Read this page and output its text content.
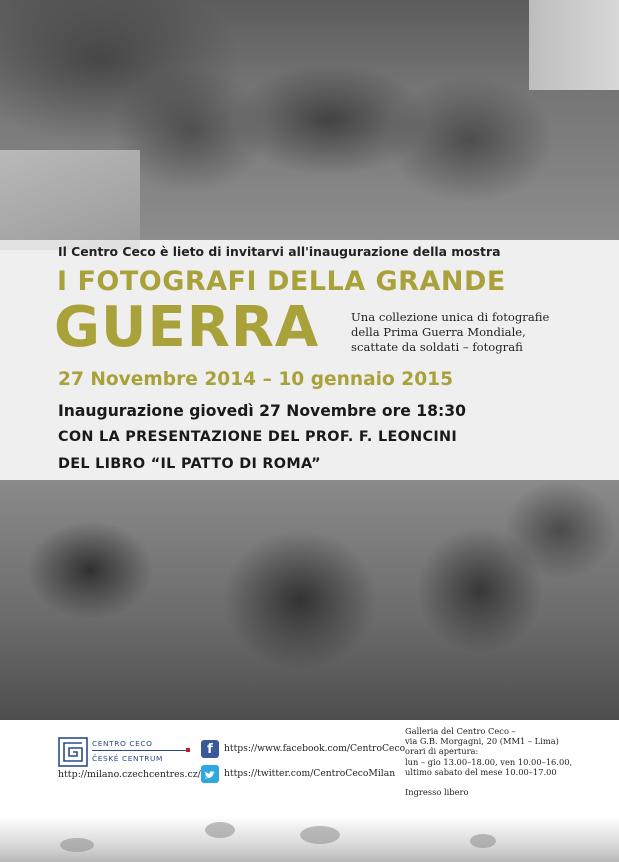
Il Centro Ceco è lieto di invitarvi all'inaugurazione della mostra
I FOTOGRAFI DELLA GRANDE
GUERRA	Una collezione unica di fotografie
della Prima Guerra Mondiale,
scattate da soldati – fotografi
27 Novembre 2014 – 10 gennaio 2015
Inaugurazione giovedì 27 Novembre ore 18:30
CON LA PRESENTAZIONE DEL PROF. F. LEONCINI
DEL LIBRO “IL PATTO DI ROMA”
CENTRO CECO
ČESKÉ CENTRUM
http://milano.czechcentres.cz/
f	https://www.facebook.com/CentroCeco
https://twitter.com/CentroCecoMilan
Galleria del Centro Ceco –
via G.B. Morgagni, 20 (MM1 – Lima)
orari di apertura:
lun – gio 13.00–18.00, ven 10.00–16.00,
ultimo sabato del mese 10.00–17.00
Ingresso libero
